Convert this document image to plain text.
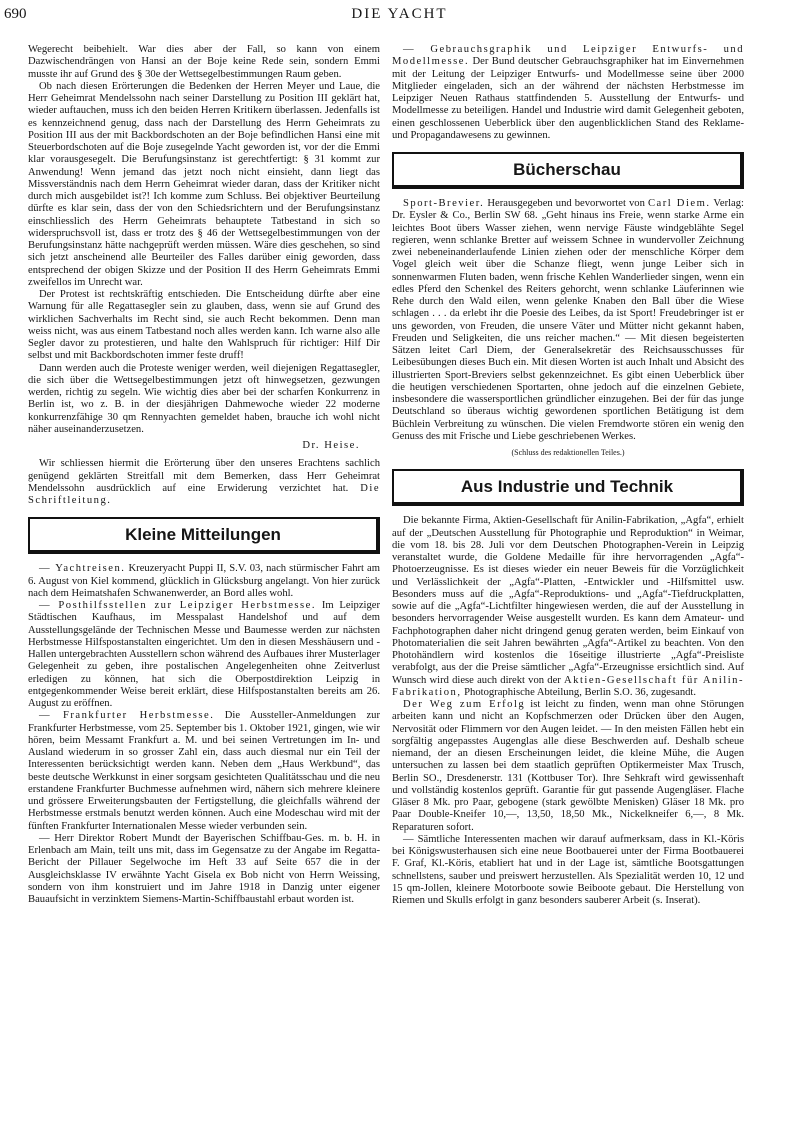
690	DIE YACHT

Wegerecht beibehielt. War dies aber der Fall, so kann von einem Dazwischendrängen von Hansi an der Boje keine Rede sein, sondern Emmi musste ihr auf Grund des § 30e der Wettsegelbestimmungen Raum geben.

Ob nach diesen Erörterungen die Bedenken der Herren Meyer und Laue, die Herr Geheimrat Mendelssohn nach seiner Darstellung zu Position III geklärt hat, wieder auftauchen, muss ich den beiden Herren Kritikern überlassen. Jedenfalls ist es kennzeichnend genug, dass nach der Darstellung des Herrn Geheimrats zu Position III aus der mit Backbordschoten an der Boje befindlichen Hansi eine mit Steuerbordschoten auf die Boje zusegelnde Yacht geworden ist, vor der die Emmi klar vorausgesegelt. Die Berufungsinstanz ist gerechtfertigt: § 31 kommt zur Anwendung! Wenn jemand das jetzt noch nicht einsieht, dann liegt das Missverständnis nach dem Herrn Geheimrat wieder daran, dass der Kritiker nicht durch mich ausgebildet ist?! Ich komme zum Schluss. Bei objektiver Beurteilung dürfte es klar sein, dass der von den Schiedsrichtern und der Berufungsinstanz einschliesslich des Herrn Geheimrats behauptete Tatbestand in sich so widerspruchsvoll ist, dass er trotz des § 46 der Wettsegelbestimmungen von der Berufungsinstanz hätte nachgeprüft werden müssen. Wäre dies geschehen, so sind sich jetzt anscheinend alle Beurteiler des Falles darüber einig geworden, dass entsprechend der obigen Skizze und der Position II des Herrn Geheimrats Emmi zweifellos im Unrecht war.

Der Protest ist rechtskräftig entschieden. Die Entscheidung dürfte aber eine Warnung für alle Regattasegler sein zu glauben, dass, wenn sie auf Grund des wirklichen Sachverhalts im Recht sind, sie auch Recht bekommen. Denn man weiss nicht, was aus einem Tatbestand noch alles werden kann. Ich warne also alle Segler davor zu protestieren, und halte den Wahlspruch für richtiger: Hilf Dir selbst und mit Backbordschoten immer feste druff!

Dann werden auch die Proteste weniger werden, weil diejenigen Regattasegler, die sich über die Wettsegelbestimmungen jetzt oft hinwegsetzen, gezwungen werden, richtig zu segeln. Wie wichtig dies aber bei der scharfen Konkurrenz in Berlin ist, wo z. B. in der diesjährigen Dahmewoche wieder 22 moderne konkurrenzfähige 30 qm Rennyachten gemeldet haben, brauche ich wohl nicht näher auseinanderzusetzen.

Dr. Heise.

Wir schliessen hiermit die Erörterung über den unseres Erachtens sachlich genügend geklärten Streitfall mit dem Bemerken, dass Herr Geheimrat Mendelssohn ausdrücklich auf eine Erwiderung verzichtet hat. Die Schriftleitung.

Kleine Mitteilungen

— Yachtreisen. Kreuzeryacht Puppi II, S.V. 03, nach stürmischer Fahrt am 6. August von Kiel kommend, glücklich in Glücksburg angelangt. Von hier zurück nach dem Heimatshafen Schwanenwerder, an Bord alles wohl.

— Posthilfsstellen zur Leipziger Herbstmesse. Im Leipziger Städtischen Kaufhaus, im Messpalast Handelshof und auf dem Ausstellungsgelände der Technischen Messe und Baumesse werden zur nächsten Herbstmesse Hilfspostanstalten eingerichtet. Um den in diesen Messhäusern und -Hallen untergebrachten Ausstellern schon während des Aufbaues ihrer Musterlager Gelegenheit zu geben, ihre postalischen Angelegenheiten ohne Zeitverlust erledigen zu können, hat sich die Oberpostdirektion Leipzig in entgegenkommender Weise bereit erklärt, diese Hilfspostanstalten bereits am 26. August zu eröffnen.

— Frankfurter Herbstmesse. Die Aussteller-Anmeldungen zur Frankfurter Herbstmesse, vom 25. September bis 1. Oktober 1921, gingen, wie wir hören, beim Messamt Frankfurt a. M. und bei seinen Vertretungen im In- und Ausland wiederum in so grosser Zahl ein, dass auch diesmal nur ein Teil der Interessenten berücksichtigt werden kann. Neben dem „Haus Werkbund“, das beste deutsche Werkkunst in einer sorgsam gesichteten Qualitätsschau und die neu erstandene Frankfurter Buchmesse aufnehmen wird, nähern sich mehrere kleinere und grössere Erweiterungsbauten der Fertigstellung, die gleichfalls während der Herbstmesse erstmals benutzt werden können. Auch eine Modeschau wird mit der fünften Frankfurter Internationalen Messe wieder verbunden sein.

— Herr Direktor Robert Mundt der Bayerischen Schiffbau-Ges. m. b. H. in Erlenbach am Main, teilt uns mit, dass im Gegensatze zu der Angabe im Regatta-Bericht der Pillauer Segelwoche im Heft 33 auf Seite 657 die in der Ausgleichsklasse IV erwähnte Yacht Gisela ex Bob nicht von Herrn Weissing, sondern von ihm konstruiert und im Jahre 1918 in Danzig unter eigener Bauaufsicht in verzinktem Siemens-Martin-Schiffbaustahl erbaut worden ist.

— Gebrauchsgraphik und Leipziger Entwurfs- und Modellmesse. Der Bund deutscher Gebrauchsgraphiker hat im Einvernehmen mit der Leitung der Leipziger Entwurfs- und Modellmesse seine über 2000 Mitglieder eingeladen, sich an der während der nächsten Herbstmesse im Leipziger Neuen Rathaus stattfindenden 5. Ausstellung der Entwurfs- und Modellmesse zu beteiligen. Handel und Industrie wird damit Gelegenheit geboten, einen geschlossenen Ueberblick über den augenblicklichen Stand des Reklame- und Propagandawesens zu gewinnen.

Bücherschau

Sport-Brevier. Herausgegeben und bevorwortet von Carl Diem. Verlag: Dr. Eysler & Co., Berlin SW 68. „Geht hinaus ins Freie, wenn starke Arme ein leichtes Boot übers Wasser ziehen, wenn nervige Fäuste windgeblähte Segel regieren, wenn schlanke Bretter auf weissem Schnee in wundervoller Zeichnung zwei nebeneinanderlaufende Linien ziehen oder der menschliche Körper dem Vogel gleich weit über die Schanze fliegt, wenn junge Leiber sich in sonnenwarmen Fluten baden, wenn frische Kehlen Wanderlieder singen, wenn ein edles Pferd den Schenkel des Reiters gehorcht, wenn schlanke Läuferinnen wie Rehe durch den Wald eilen, wenn gelenke Knaben den Ball über die Wiese schlagen . . . da erlebt ihr die Poesie des Leibes, da ist Sport! Freudebringer ist er uns geworden, von Freuden, die unsere Väter und Mütter nicht gekannt haben, Freuden und Seligkeiten, die uns reicher machen.“ — Mit diesen begeisterten Sätzen leitet Carl Diem, der Generalsekretär des Reichsausschusses für Leibesübungen dieses Buch ein. Mit diesen Worten ist auch Inhalt und Absicht des illustrierten Sport-Breviers selbst gekennzeichnet. Es gibt einen Ueberblick über die heutigen verschiedenen Sportarten, ohne jedoch auf die einzelnen Gebiete, insbesondere die wassersportlichen gründlicher einzugehen. Bei der für das junge Deutschland so überaus wichtig gewordenen sportlichen Betätigung ist dem Büchlein Verbreitung zu wünschen. Die vielen Fremdworte stören ein wenig den Genuss des mit Frische und Liebe geschriebenen Werkes.

(Schluss des redaktionellen Teiles.)
Aus Industrie und Technik

Die bekannte Firma, Aktien-Gesellschaft für Anilin-Fabrikation, „Agfa“, erhielt auf der „Deutschen Ausstellung für Photographie und Reproduktion“ in Weimar, die vom 18. bis 28. Juli vor dem Deutschen Photographen-Verein in Leipzig veranstaltet wurde, die Goldene Medaille für ihre hervorragenden „Agfa“-Photoerzeugnisse. Es ist dieses wieder ein neuer Beweis für die Vorzüglichkeit und Verlässlichkeit der „Agfa“-Platten, -Entwickler und -Hilfsmittel usw. Besonders muss auf die „Agfa“-Reproduktions- und „Agfa“-Tiefdruckplatten, sowie auf die „Agfa“-Lichtfilter hingewiesen werden, die auf der Ausstellung in besonders hervorragender Weise ausgestellt wurden. Es kann dem Amateur- und Fachphotographen daher nicht dringend genug geraten werden, beim Einkauf von Photomaterialien die seit Jahren bewährten „Agfa“-Artikel zu beachten. Von den Photohändlern wird kostenlos die 16seitige illustrierte „Agfa“-Preisliste verabfolgt, aus der die Preise sämtlicher „Agfa“-Erzeugnisse ersichtlich sind. Auf Wunsch wird diese auch direkt von der Aktien-Gesellschaft für Anilin-Fabrikation, Photographische Abteilung, Berlin S.O. 36, zugesandt.

Der Weg zum Erfolg ist leicht zu finden, wenn man ohne Störungen arbeiten kann und nicht an Kopfschmerzen oder Drücken über den Augen, Nervosität oder Flimmern vor den Augen leidet. — In den meisten Fällen hebt ein sorgfältig angepasstes Augenglas alle diese Beschwerden auf. Deshalb scheue niemand, der an diesen Erscheinungen leidet, die kleine Mühe, die Augen untersuchen zu lassen bei dem staatlich geprüften Optikermeister Max Trusch, Berlin SO., Dresdenerstr. 131 (Kottbuser Tor). Ihre Sehkraft wird gewissenhaft und vollständig kostenlos geprüft. Garantie für gut passende Augengläser. Flache Gläser 8 Mk. pro Paar, gebogene (stark gewölbte Menisken) Gläser 18 Mk. pro Paar Double-Kneifer 10,—, 13,50, 18,50 Mk., Nickelkneifer 6,—, 8 Mk. Reparaturen sofort.

— Sämtliche Interessenten machen wir darauf aufmerksam, dass in Kl.-Köris bei Königswusterhausen sich eine neue Bootbauerei unter der Firma Bootbauerei F. Graf, Kl.-Köris, etabliert hat und in der Lage ist, sämtliche Bootsgattungen schnellstens, sauber und preiswert herzustellen. Als Spezialität werden 10, 12 und 15 qm-Jollen, kleinere Motorboote sowie Beiboote gebaut. Die Herstellung von Riemen und Skulls erfolgt in ganz besonders sauberer Arbeit (s. Inserat).
